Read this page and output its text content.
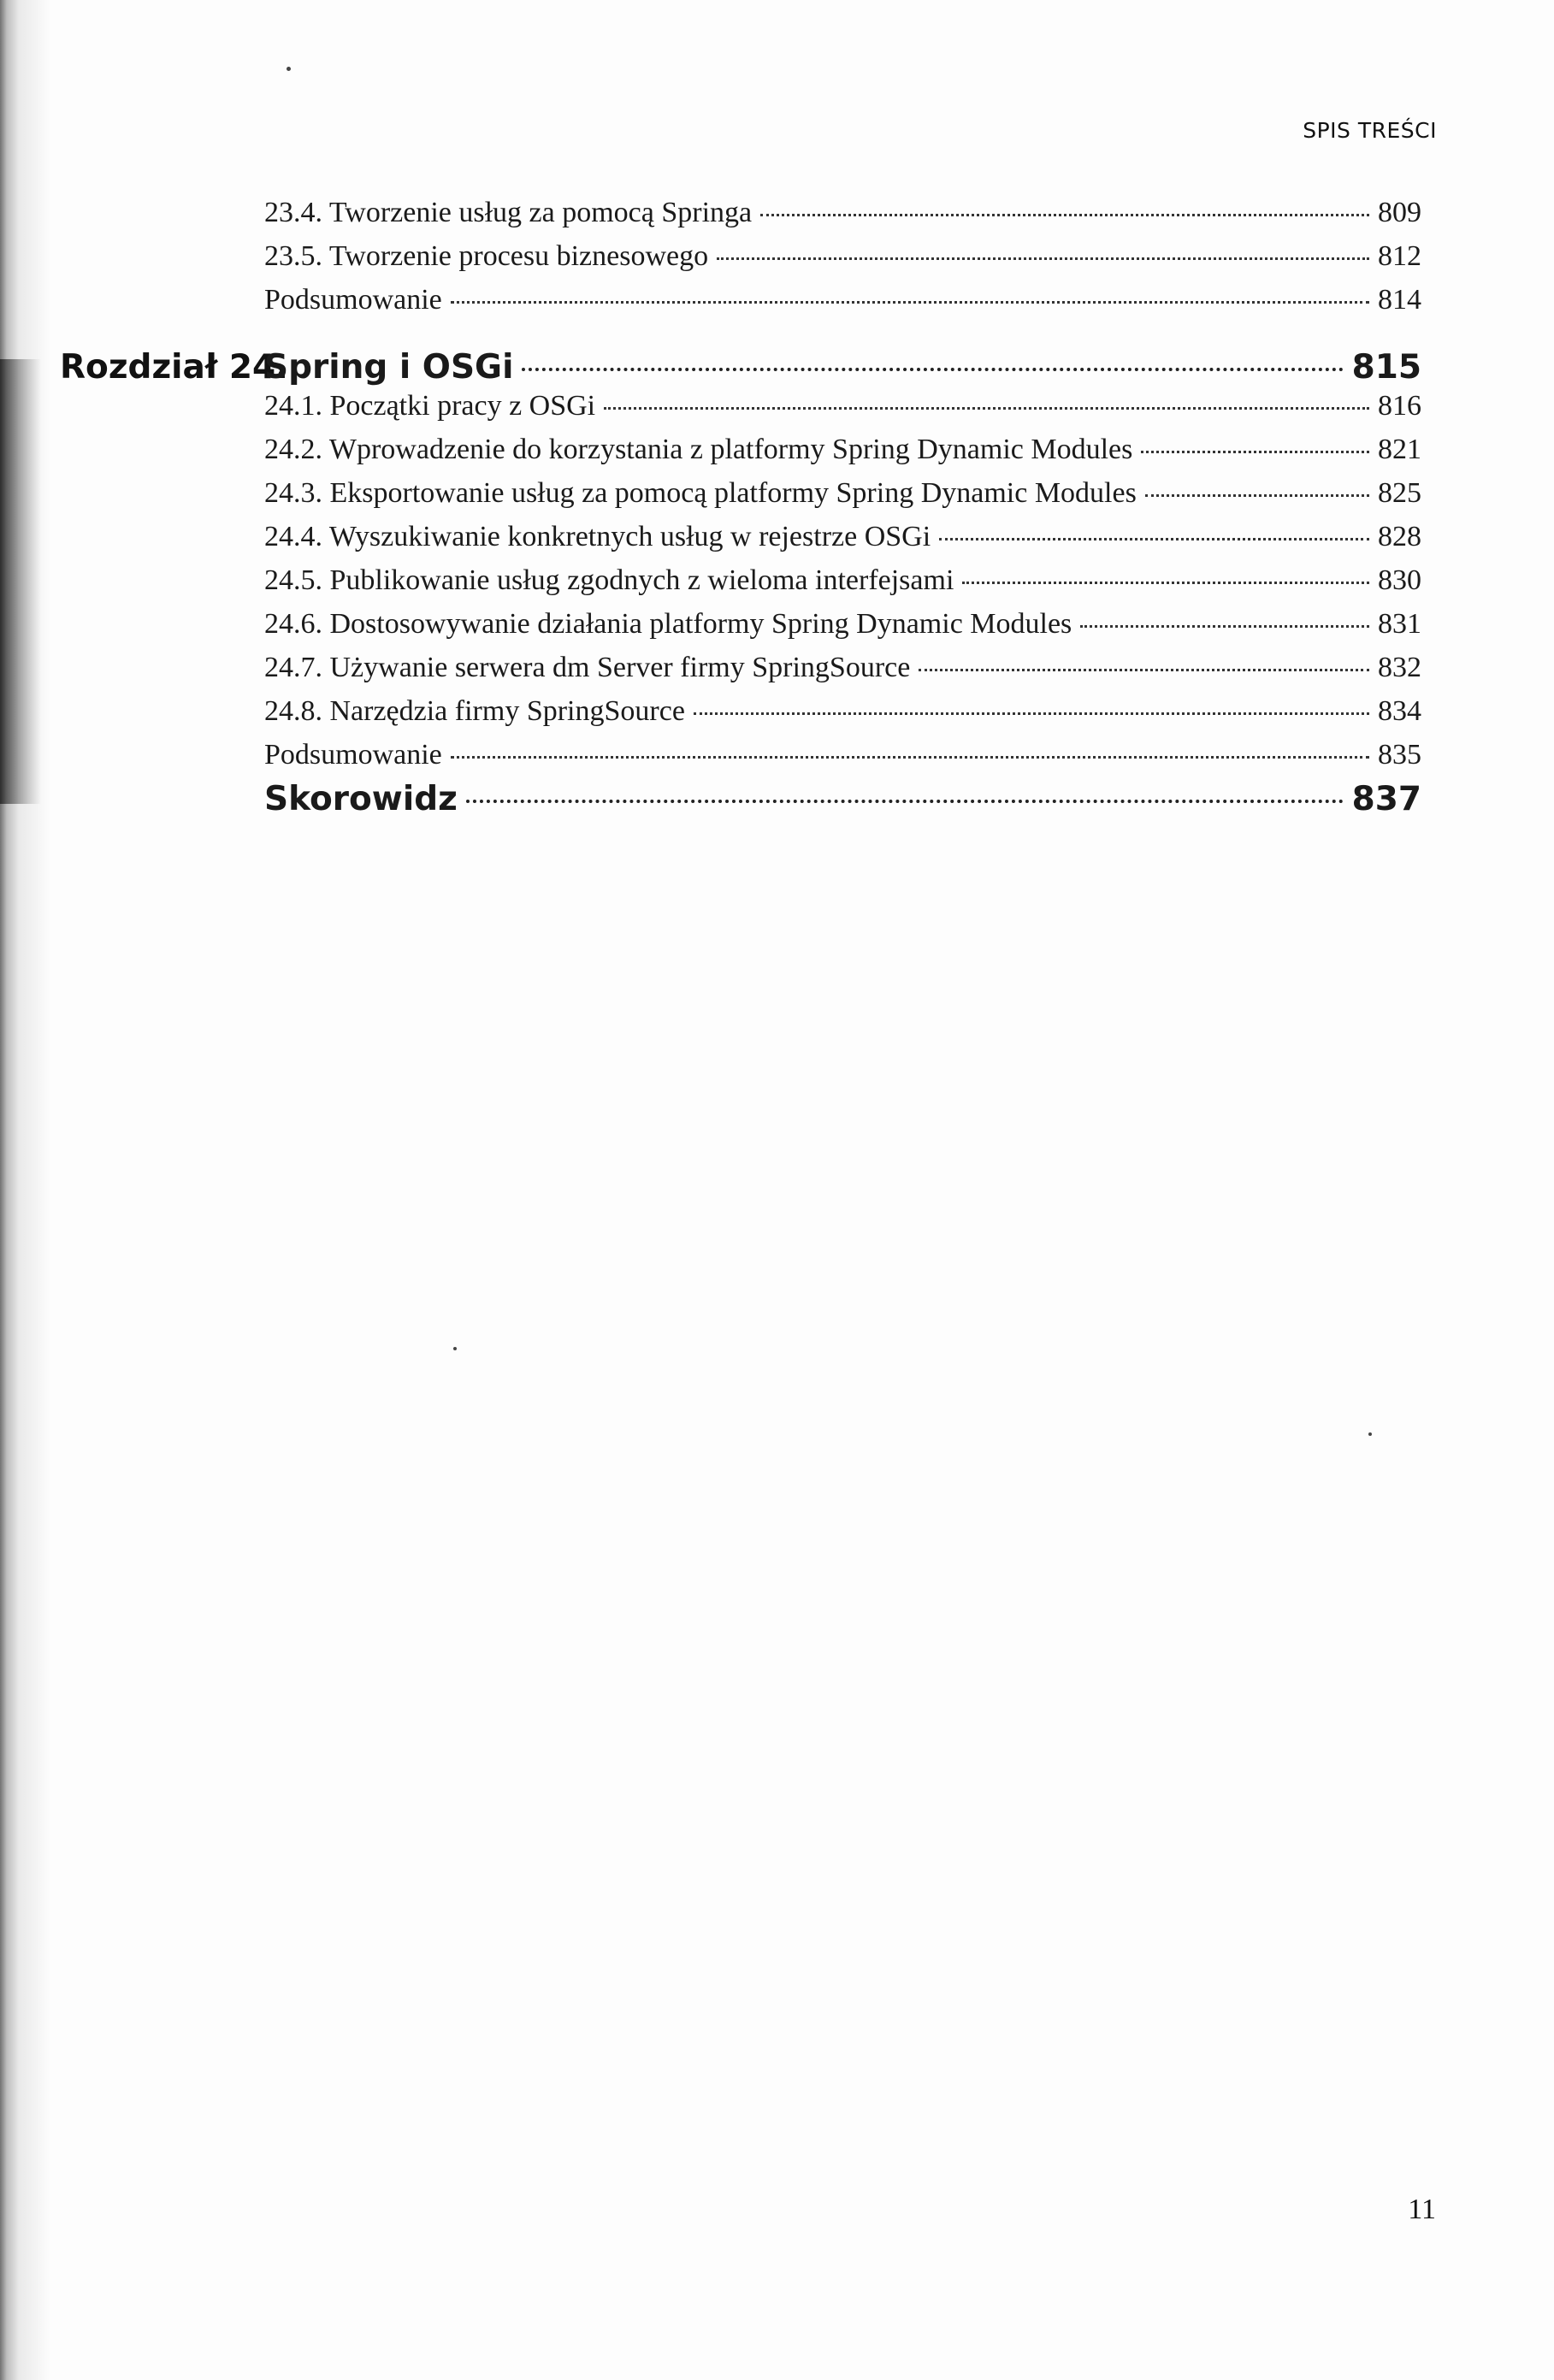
SPIS TREŚCI
23.4. Tworzenie usług za pomocą Springa	809
23.5. Tworzenie procesu biznesowego	812
Podsumowanie	814
Rozdział 24.
Spring i OSGi	815
24.1. Początki pracy z OSGi	816
24.2. Wprowadzenie do korzystania z platformy Spring Dynamic Modules	821
24.3. Eksportowanie usług za pomocą platformy Spring Dynamic Modules	825
24.4. Wyszukiwanie konkretnych usług w rejestrze OSGi	828
24.5. Publikowanie usług zgodnych z wieloma interfejsami	830
24.6. Dostosowywanie działania platformy Spring Dynamic Modules	831
24.7. Używanie serwera dm Server firmy SpringSource	832
24.8. Narzędzia firmy SpringSource	834
Podsumowanie	835
Skorowidz	837
11
